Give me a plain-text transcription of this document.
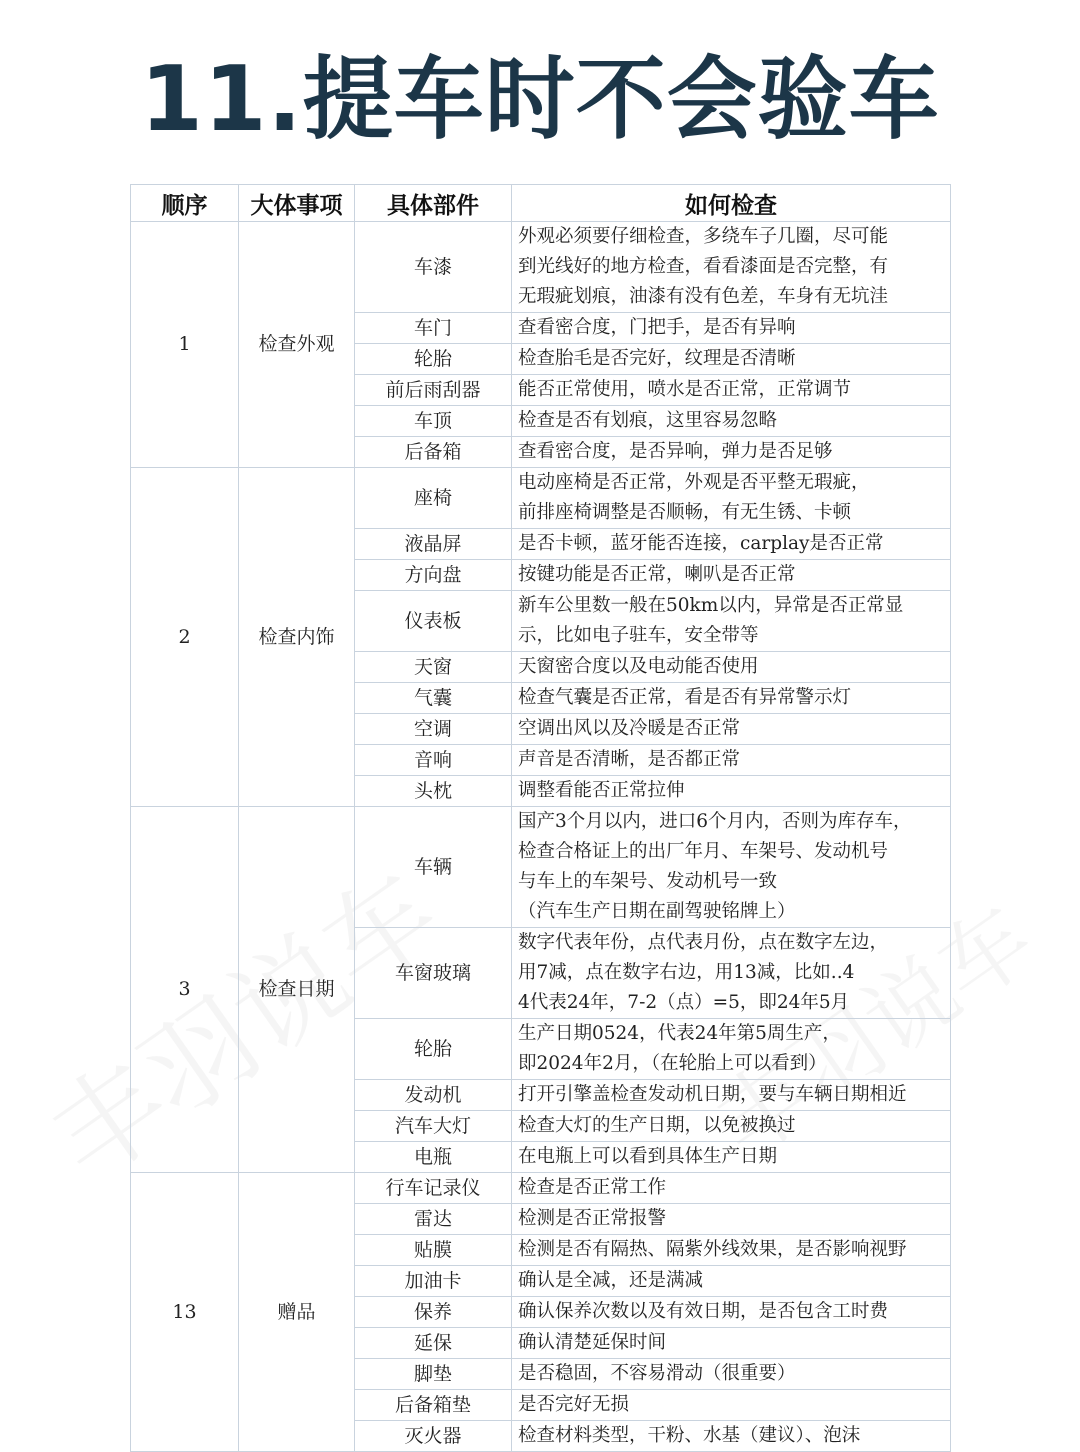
11.提车时不会验车
顺序	大体事项	具体部件	如何检查
1	检查外观	车漆	外观必须要仔细检查，多绕车子几圈，尽可能
到光线好的地方检查，看看漆面是否完整，有
无瑕疵划痕，油漆有没有色差，车身有无坑洼

		车门	查看密合度，门把手，是否有异响

		轮胎	检查胎毛是否完好，纹理是否清晰

		前后雨刮器	能否正常使用，喷水是否正常，正常调节

		车顶	检查是否有划痕，这里容易忽略

		后备箱	查看密合度，是否异响，弹力是否足够

2	检查内饰	座椅	电动座椅是否正常，外观是否平整无瑕疵，
前排座椅调整是否顺畅，有无生锈、卡顿

		液晶屏	是否卡顿，蓝牙能否连接，carplay是否正常

		方向盘	按键功能是否正常，喇叭是否正常

		仪表板	新车公里数一般在50km以内，异常是否正常显
示，比如电子驻车，安全带等

		天窗	天窗密合度以及电动能否使用

		气囊	检查气囊是否正常，看是否有异常警示灯

		空调	空调出风以及冷暖是否正常

		音响	声音是否清晰，是否都正常

		头枕	调整看能否正常拉伸

3	检查日期	车辆	国产3个月以内，进口6个月内，否则为库存车，
检查合格证上的出厂年月、车架号、发动机号
与车上的车架号、发动机号一致
（汽车生产日期在副驾驶铭牌上）

		车窗玻璃	数字代表年份，点代表月份，点在数字左边，
用7减，点在数字右边，用13减，比如..4
4代表24年，7-2（点）=5，即24年5月

		轮胎	生产日期0524，代表24年第5周生产，
即2024年2月，（在轮胎上可以看到）

		发动机	打开引擎盖检查发动机日期，要与车辆日期相近

		汽车大灯	检查大灯的生产日期，以免被换过

		电瓶	在电瓶上可以看到具体生产日期

13	赠品	行车记录仪	检查是否正常工作

		雷达	检测是否正常报警

		贴膜	检测是否有隔热、隔紫外线效果，是否影响视野

		加油卡	确认是全减，还是满减

		保养	确认保养次数以及有效日期，是否包含工时费

		延保	确认清楚延保时间

		脚垫	是否稳固，不容易滑动（很重要）

		后备箱垫	是否完好无损

		灭火器	检查材料类型，干粉、水基（建议）、泡沫
